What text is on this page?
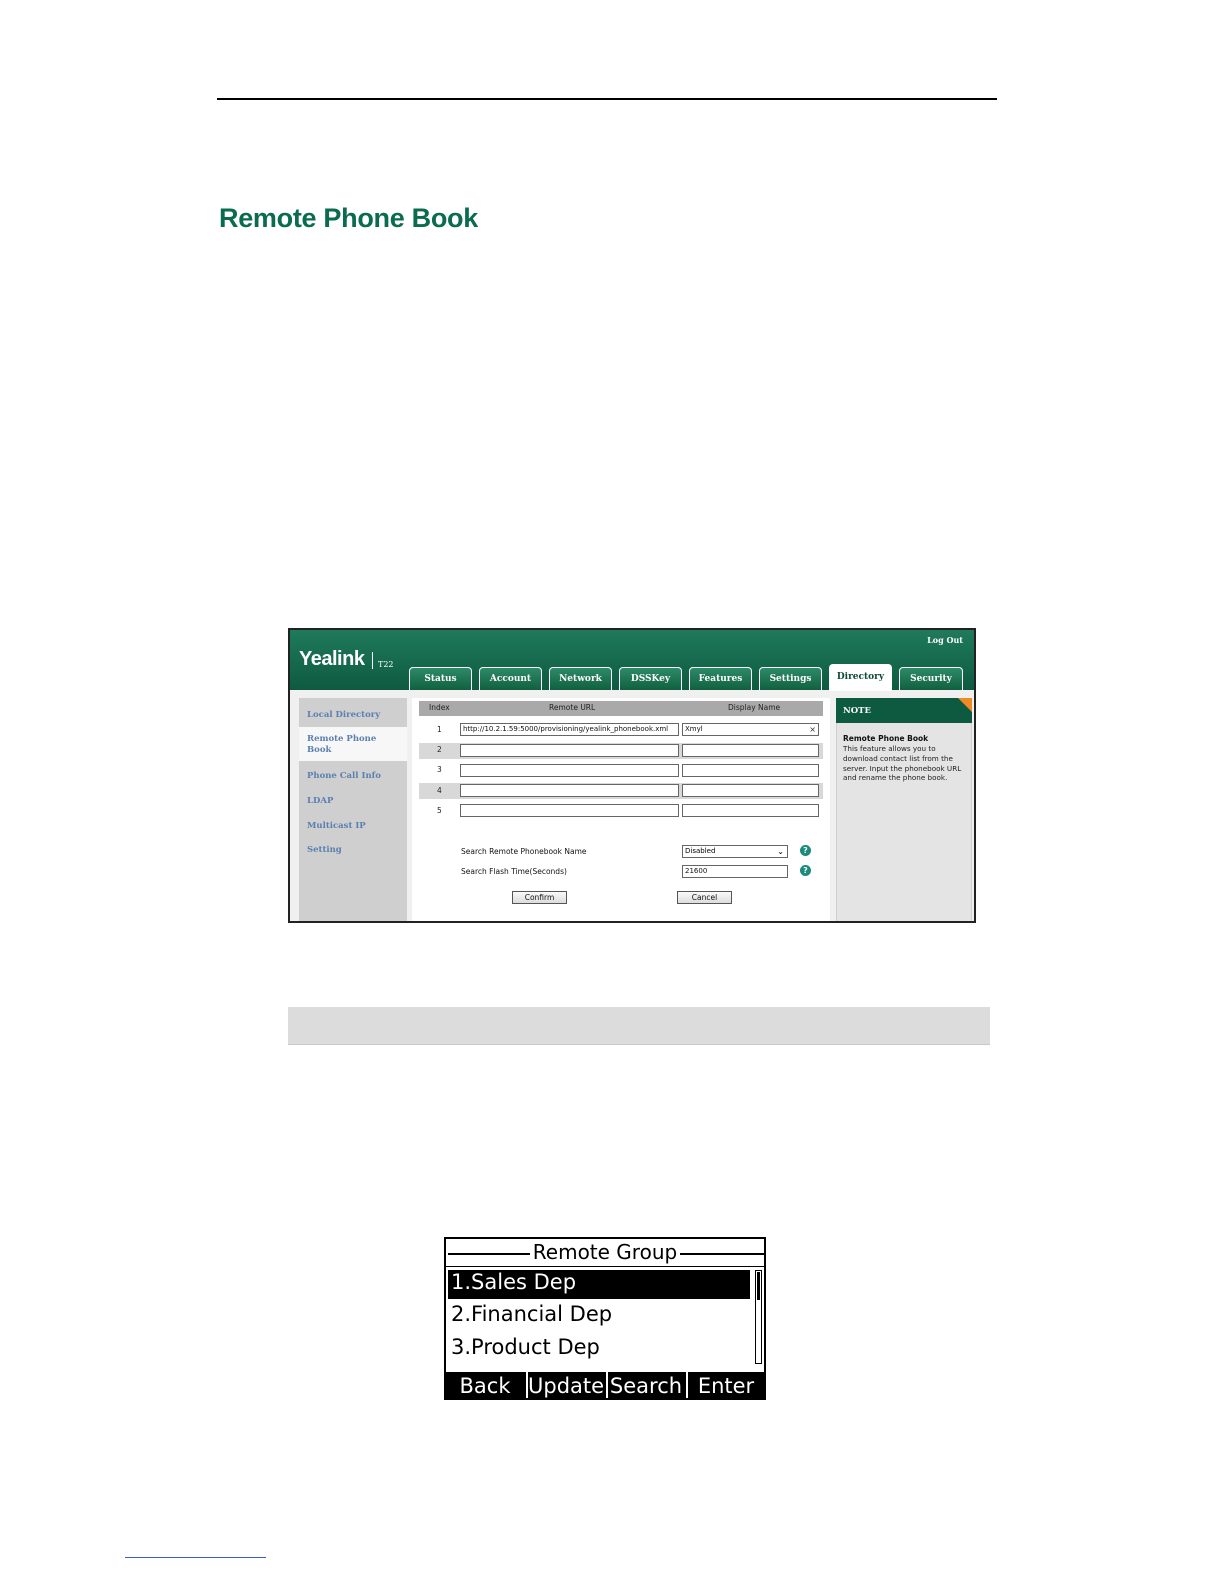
Remote Phone Book
Yealink T22
Log Out
Status	Account	Network	DSSKey	Features	Settings	Directory	Security
Local Directory
Remote Phone Book
Phone Call Info
LDAP
Multicast IP
Setting
Index	Remote URL	Display Name
1	http://10.2.1.59:5000/provisioning/yealink_phonebook.xml	Xmyl	×
2
3
4
5
Search Remote Phonebook Name	Disabled	⌄	?
Search Flash Time(Seconds)	21600	?
Confirm	Cancel
NOTE
Remote Phone Book
This feature allows you to download contact list from the server. Input the phonebook URL and rename the phone book.
Remote Group
1.Sales Dep
2.Financial Dep
3.Product Dep
Back Update Search Enter
